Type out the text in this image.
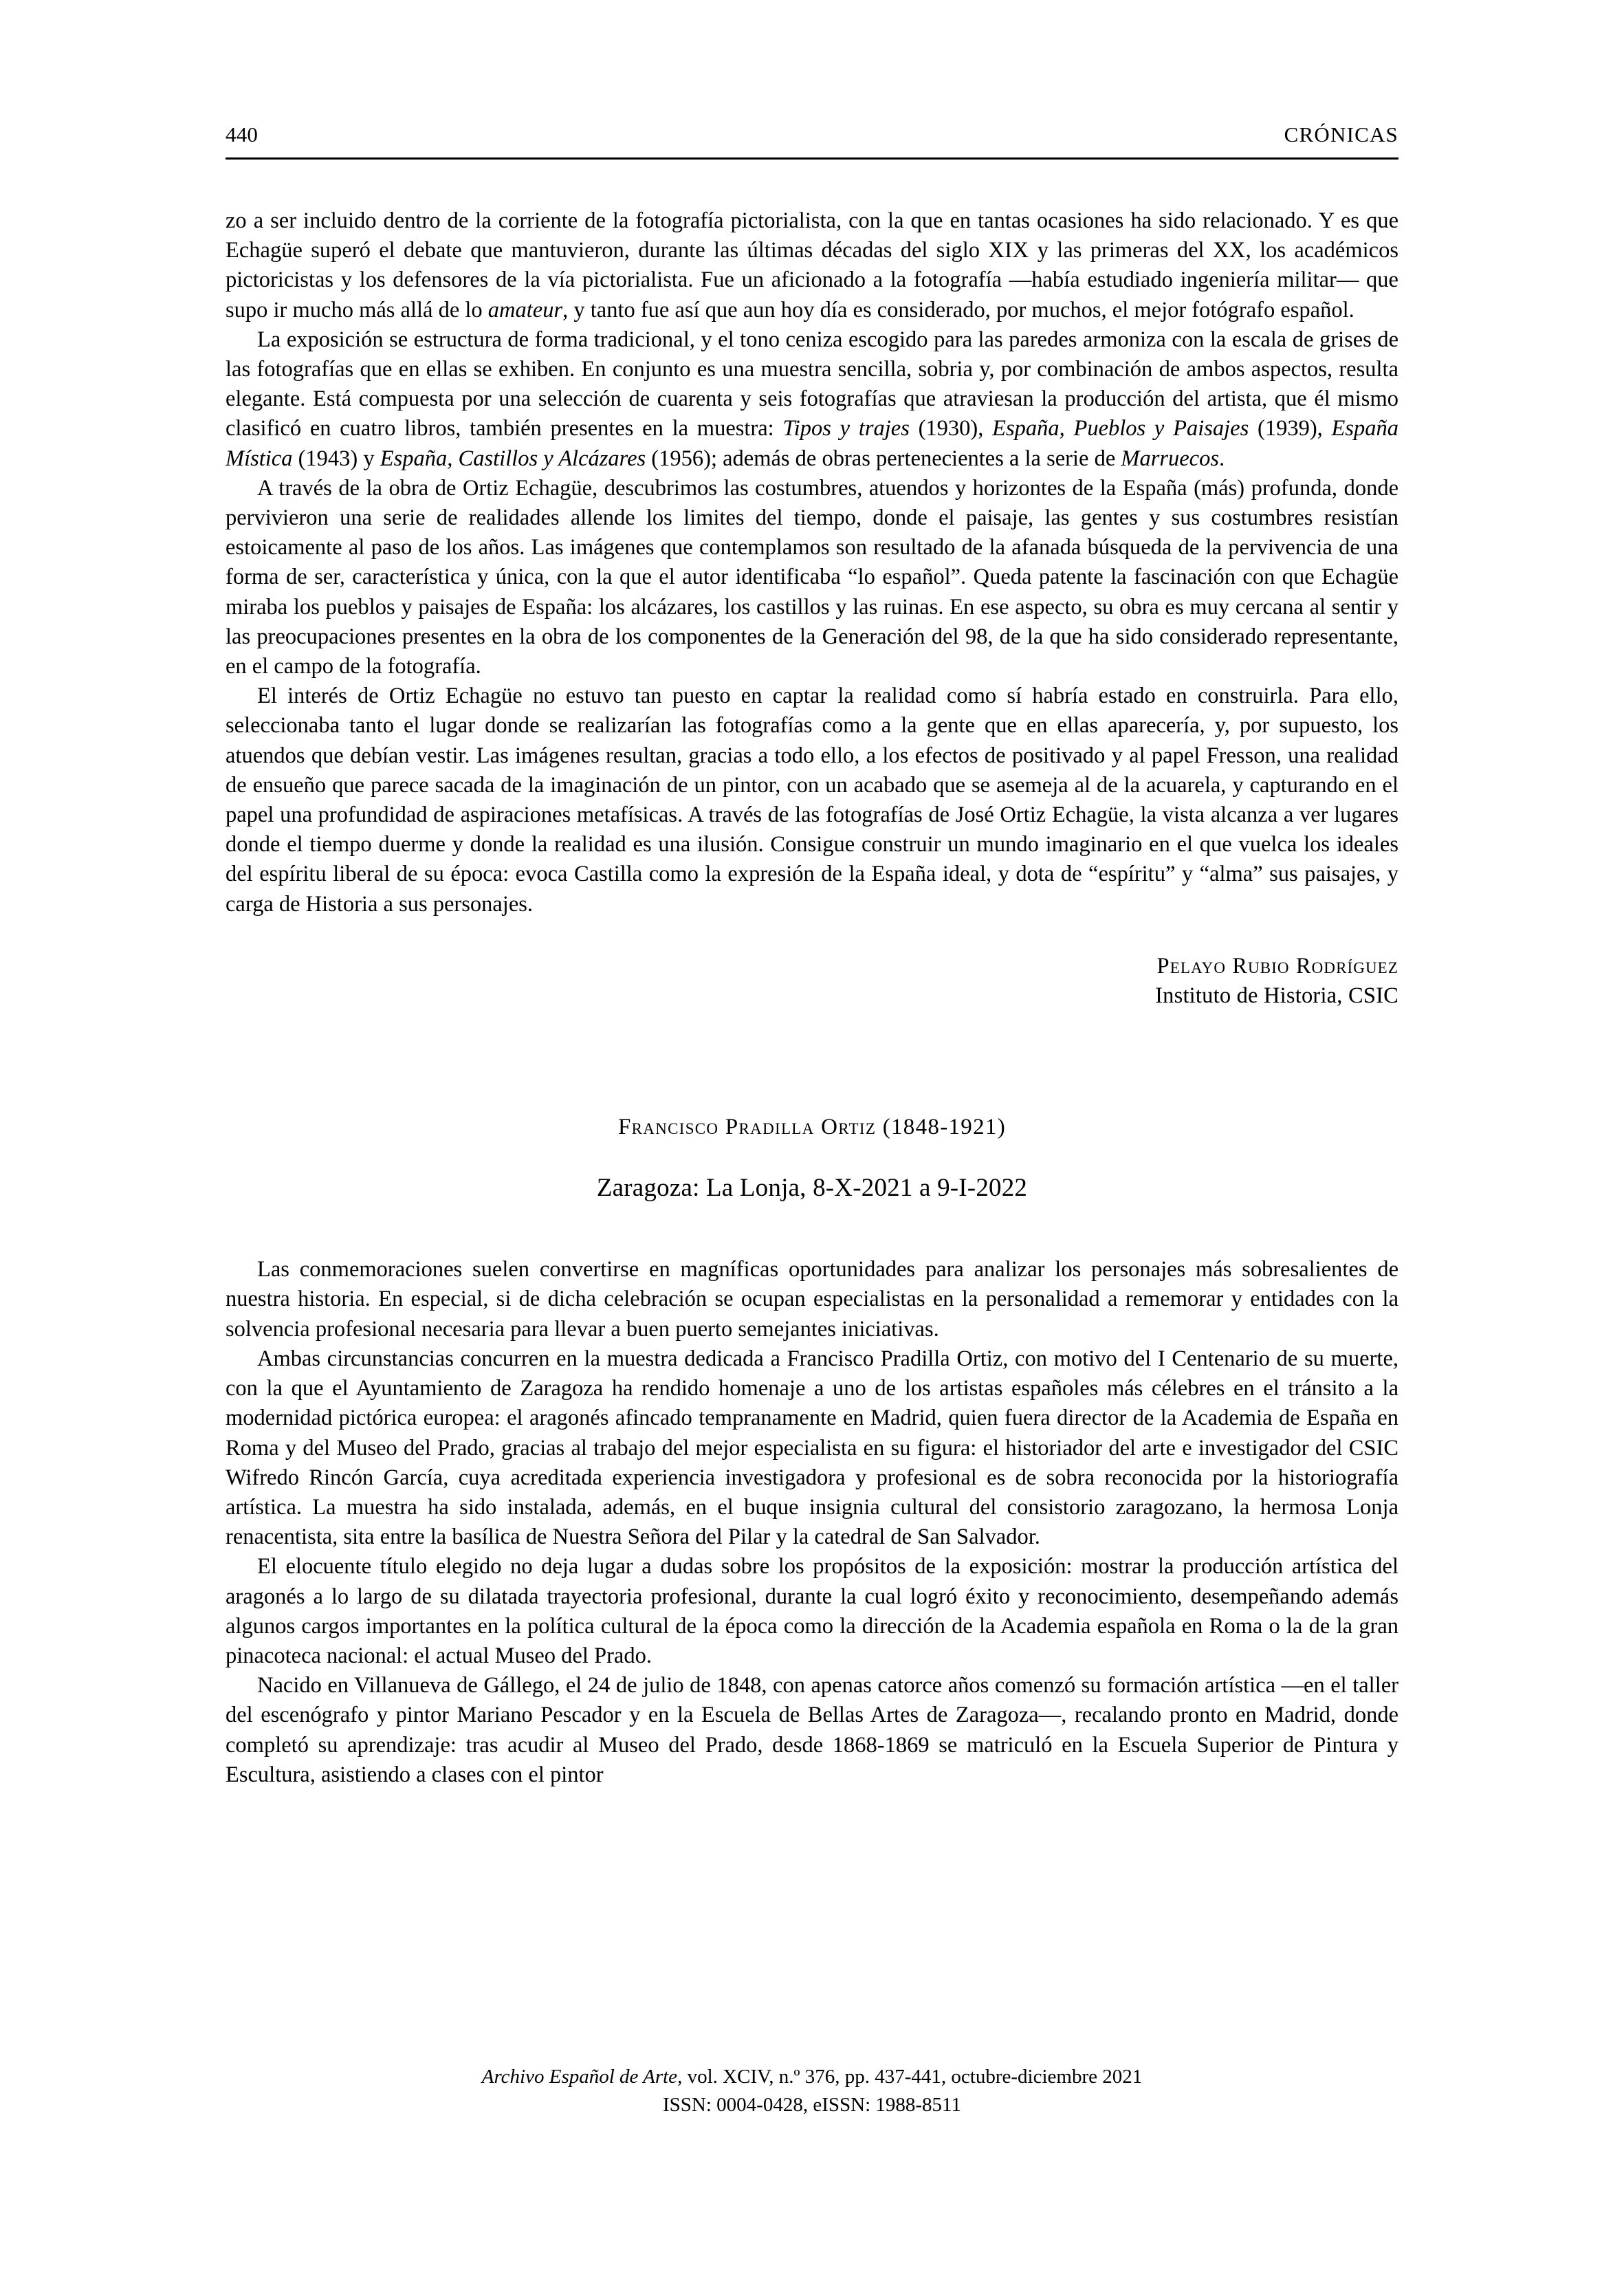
440	CRÓNICAS

zo a ser incluido dentro de la corriente de la fotografía pictorialista, con la que en tantas ocasiones ha sido relacionado. Y es que Echagüe superó el debate que mantuvieron, durante las últimas décadas del siglo XIX y las primeras del XX, los académicos pictoricistas y los defensores de la vía pictorialista. Fue un aficionado a la fotografía —había estudiado ingeniería militar— que supo ir mucho más allá de lo amateur, y tanto fue así que aun hoy día es considerado, por muchos, el mejor fotógrafo español.

La exposición se estructura de forma tradicional, y el tono ceniza escogido para las paredes armoniza con la escala de grises de las fotografías que en ellas se exhiben. En conjunto es una muestra sencilla, sobria y, por combinación de ambos aspectos, resulta elegante. Está compuesta por una selección de cuarenta y seis fotografías que atraviesan la producción del artista, que él mismo clasificó en cuatro libros, también presentes en la muestra: Tipos y trajes (1930), España, Pueblos y Paisajes (1939), España Mística (1943) y España, Castillos y Alcázares (1956); además de obras pertenecientes a la serie de Marruecos.

A través de la obra de Ortiz Echagüe, descubrimos las costumbres, atuendos y horizontes de la España (más) profunda, donde pervivieron una serie de realidades allende los limites del tiempo, donde el paisaje, las gentes y sus costumbres resistían estoicamente al paso de los años. Las imágenes que contemplamos son resultado de la afanada búsqueda de la pervivencia de una forma de ser, característica y única, con la que el autor identificaba “lo español”. Queda patente la fascinación con que Echagüe miraba los pueblos y paisajes de España: los alcázares, los castillos y las ruinas. En ese aspecto, su obra es muy cercana al sentir y las preocupaciones presentes en la obra de los componentes de la Generación del 98, de la que ha sido considerado representante, en el campo de la fotografía.

El interés de Ortiz Echagüe no estuvo tan puesto en captar la realidad como sí habría estado en construirla. Para ello, seleccionaba tanto el lugar donde se realizarían las fotografías como a la gente que en ellas aparecería, y, por supuesto, los atuendos que debían vestir. Las imágenes resultan, gracias a todo ello, a los efectos de positivado y al papel Fresson, una realidad de ensueño que parece sacada de la imaginación de un pintor, con un acabado que se asemeja al de la acuarela, y capturando en el papel una profundidad de aspiraciones metafísicas. A través de las fotografías de José Ortiz Echagüe, la vista alcanza a ver lugares donde el tiempo duerme y donde la realidad es una ilusión. Consigue construir un mundo imaginario en el que vuelca los ideales del espíritu liberal de su época: evoca Castilla como la expresión de la España ideal, y dota de “espíritu” y “alma” sus paisajes, y carga de Historia a sus personajes.

Pelayo Rubio Rodríguez
Instituto de Historia, CSIC
Francisco Pradilla Ortiz (1848-1921)
Zaragoza: La Lonja, 8-X-2021 a 9-I-2022

Las conmemoraciones suelen convertirse en magníficas oportunidades para analizar los personajes más sobresalientes de nuestra historia. En especial, si de dicha celebración se ocupan especialistas en la personalidad a rememorar y entidades con la solvencia profesional necesaria para llevar a buen puerto semejantes iniciativas.

Ambas circunstancias concurren en la muestra dedicada a Francisco Pradilla Ortiz, con motivo del I Centenario de su muerte, con la que el Ayuntamiento de Zaragoza ha rendido homenaje a uno de los artistas españoles más célebres en el tránsito a la modernidad pictórica europea: el aragonés afincado tempranamente en Madrid, quien fuera director de la Academia de España en Roma y del Museo del Prado, gracias al trabajo del mejor especialista en su figura: el historiador del arte e investigador del CSIC Wifredo Rincón García, cuya acreditada experiencia investigadora y profesional es de sobra reconocida por la historiografía artística. La muestra ha sido instalada, además, en el buque insignia cultural del consistorio zaragozano, la hermosa Lonja renacentista, sita entre la basílica de Nuestra Señora del Pilar y la catedral de San Salvador.

El elocuente título elegido no deja lugar a dudas sobre los propósitos de la exposición: mostrar la producción artística del aragonés a lo largo de su dilatada trayectoria profesional, durante la cual logró éxito y reconocimiento, desempeñando además algunos cargos importantes en la política cultural de la época como la dirección de la Academia española en Roma o la de la gran pinacoteca nacional: el actual Museo del Prado.

Nacido en Villanueva de Gállego, el 24 de julio de 1848, con apenas catorce años comenzó su formación artística —en el taller del escenógrafo y pintor Mariano Pescador y en la Escuela de Bellas Artes de Zaragoza—, recalando pronto en Madrid, donde completó su aprendizaje: tras acudir al Museo del Prado, desde 1868-1869 se matriculó en la Escuela Superior de Pintura y Escultura, asistiendo a clases con el pintor

Archivo Español de Arte, vol. XCIV, n.º 376, pp. 437-441, octubre-diciembre 2021
ISSN: 0004-0428, eISSN: 1988-8511
